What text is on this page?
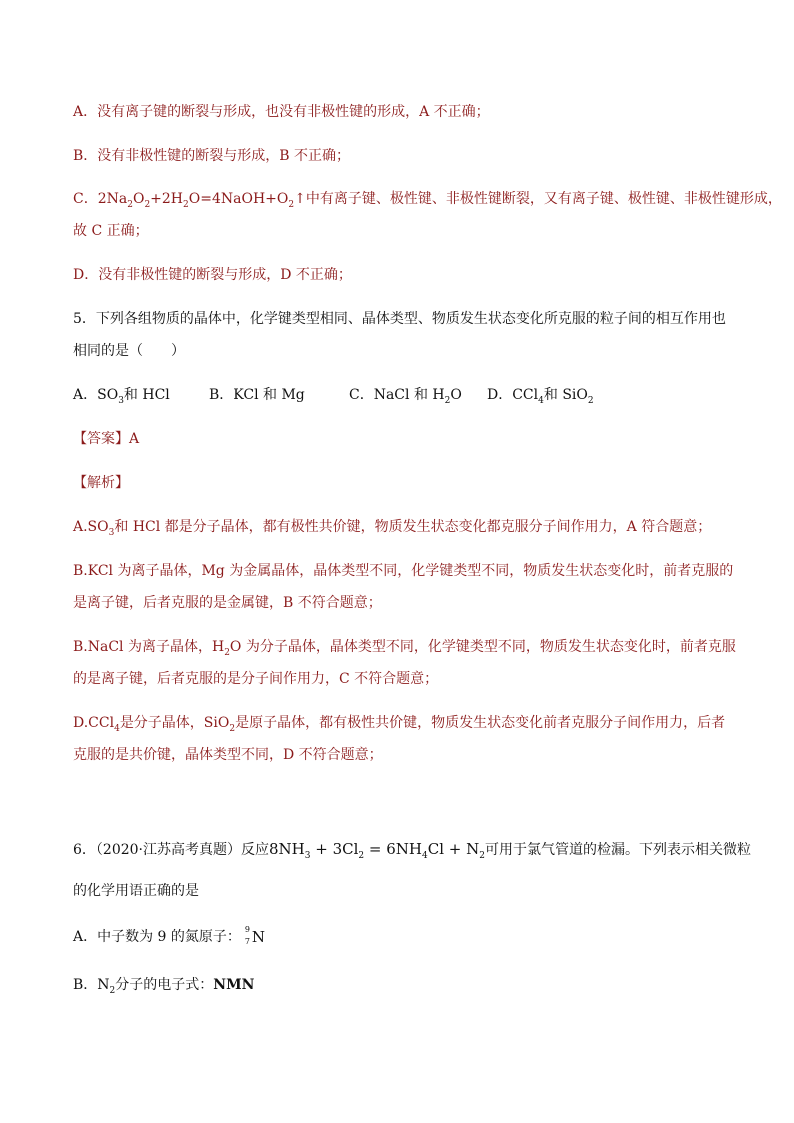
A．没有离子键的断裂与形成，也没有非极性键的形成，A 不正确；
B．没有非极性键的断裂与形成，B 不正确；
C．$2Na_2O_2+2H_2O=4NaOH+O_2↑$中有离子键、极性键、非极性键断裂，又有离子键、极性键、非极性键形成，
故 C 正确；
D．没有非极性键的断裂与形成，D 不正确；
5．下列各组物质的晶体中，化学键类型相同、晶体类型、物质发生状态变化所克服的粒子间的相互作用也
相同的是（　　）
A．$SO_3$和 HCl	B．KCl 和 Mg	C．NaCl 和 $H_2O$ D．CCl$_4$和 SiO$_2$
【答案】A
【解析】
$A.SO_3$和 HCl 都是分子晶体，都有极性共价键，物质发生状态变化都克服分子间作用力，A 符合题意；
B.KCl 为离子晶体，Mg 为金属晶体，晶体类型不同，化学键类型不同，物质发生状态变化时，前者克服的
是离子键，后者克服的是金属键，B 不符合题意；
B.NaCl 为离子晶体，$H_2O$ 为分子晶体，晶体类型不同，化学键类型不同，物质发生状态变化时，前者克服
的是离子键，后者克服的是分子间作用力，C 不符合题意；
D.CCl$_4$是分子晶体，SiO$_2$是原子晶体，都有极性共价键，物质发生状态变化前者克服分子间作用力，后者
克服的是共价键，晶体类型不同，D 不符合题意；
6．（2020·江苏高考真题）反应$8NH_3 + 3Cl_2 = 6NH_4Cl + N_2$可用于氯气管道的检漏。下列表示相关微粒
的化学用语正确的是
A．中子数为 9 的氮原子： 9
7 N
B．$N_2$分子的电子式：NMN
